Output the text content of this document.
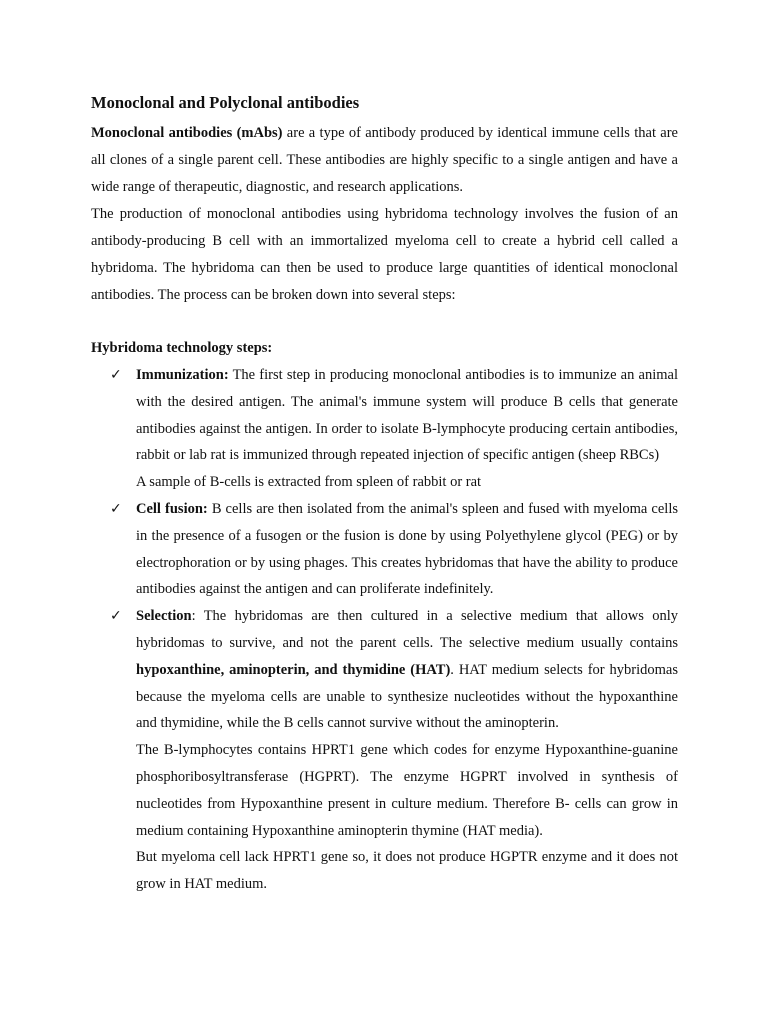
Monoclonal and Polyclonal antibodies

Monoclonal antibodies (mAbs) are a type of antibody produced by identical immune cells that are all clones of a single parent cell. These antibodies are highly specific to a single antigen and have a wide range of therapeutic, diagnostic, and research applications.

The production of monoclonal antibodies using hybridoma technology involves the fusion of an antibody-producing B cell with an immortalized myeloma cell to create a hybrid cell called a hybridoma. The hybridoma can then be used to produce large quantities of identical monoclonal antibodies. The process can be broken down into several steps:

Hybridoma technology steps:
✓ Immunization: The first step in producing monoclonal antibodies is to immunize an animal with the desired antigen. The animal's immune system will produce B cells that generate antibodies against the antigen. In order to isolate B-lymphocyte producing certain antibodies, rabbit or lab rat is immunized through repeated injection of specific antigen (sheep RBCs)

A sample of B-cells is extracted from spleen of rabbit or rat

✓ Cell fusion: B cells are then isolated from the animal's spleen and fused with myeloma cells in the presence of a fusogen or the fusion is done by using Polyethylene glycol (PEG) or by electrophoration or by using phages. This creates hybridomas that have the ability to produce antibodies against the antigen and can proliferate indefinitely.

✓ Selection: The hybridomas are then cultured in a selective medium that allows only hybridomas to survive, and not the parent cells. The selective medium usually contains hypoxanthine, aminopterin, and thymidine (HAT). HAT medium selects for hybridomas because the myeloma cells are unable to synthesize nucleotides without the hypoxanthine and thymidine, while the B cells cannot survive without the aminopterin.

The B-lymphocytes contains HPRT1 gene which codes for enzyme Hypoxanthine-guanine phosphoribosyltransferase (HGPRT). The enzyme HGPRT involved in synthesis of nucleotides from Hypoxanthine present in culture medium. Therefore B- cells can grow in medium containing Hypoxanthine aminopterin thymine (HAT media).

But myeloma cell lack HPRT1 gene so, it does not produce HGPTR enzyme and it does not grow in HAT medium.
